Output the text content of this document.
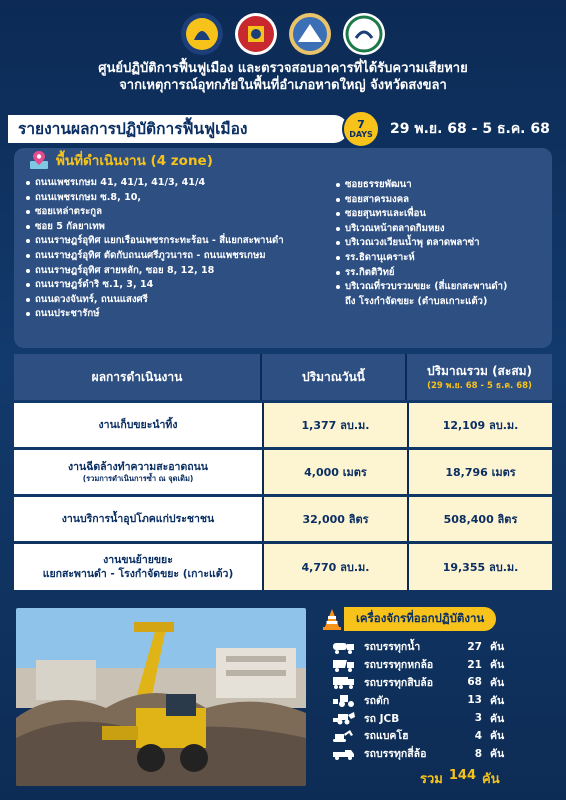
ศูนย์ปฏิบัติการฟื้นฟูเมือง และตรวจสอบอาคารที่ได้รับความเสียหาย
จากเหตุการณ์อุทกภัยในพื้นที่อำเภอหาดใหญ่ จังหวัดสงขลา
รายงานผลการปฏิบัติการฟื้นฟูเมือง	7
DAYS 29 พ.ย. 68 - 5 ธ.ค. 68
พื้นที่ดำเนินงาน (4 zone)
ถนนเพชรเกษม 41, 41/1, 41/3, 41/4
ถนนเพชรเกษม ซ.8, 10,
ซอยเหล่าตระกูล
ซอย 5 กัลยาเทพ
ถนนราษฎร์อุทิศ แยกเรือนเพชรกระทะร้อน - สี่แยกสะพานดำ
ถนนราษฎร์อุทิศ ตัดกับถนนศรีภูวนารถ - ถนนเพชรเกษม
ถนนราษฎร์อุทิศ สายหลัก, ซอย 8, 12, 18
ถนนราษฎร์ดำริ ซ.1, 3, 14
ถนนดวงจันทร์, ถนนแสงศรี
ถนนประชารักษ์
ซอยธรรยพัฒนา
ซอยสาครมงคล
ซอยสุนทรและเพื่อน
บริเวณหน้าตลาดกิมหยง
บริเวณวงเวียนน้ำพุ ตลาดพลาซ่า
รร.ธิดานุเคราะห์
รร.กิตติวิทย์
บริเวณที่รวบรวมขยะ (สี่แยกสะพานดำ)
ถึง โรงกำจัดขยะ (ตำบลเกาะแต้ว)
ผลการดำเนินงาน	ปริมาณวันนี้	ปริมาณรวม (สะสม)
(29 พ.ย. 68 - 5 ธ.ค. 68)
งานเก็บขยะนำทิ้ง	1,377 ลบ.ม.	12,109 ลบ.ม.
งานฉีดล้างทำความสะอาดถนน
(รวมการดำเนินการซ้ำ ณ จุดเดิม)	4,000 เมตร	18,796 เมตร
งานบริการน้ำอุปโภคแก่ประชาชน	32,000 ลิตร	508,400 ลิตร
งานขนย้ายขยะ
แยกสะพานดำ - โรงกำจัดขยะ (เกาะแต้ว)	4,770 ลบ.ม.	19,355 ลบ.ม.
เครื่องจักรที่ออกปฏิบัติงาน
รถบรรทุกน้ำ	27 คัน
รถบรรทุกหกล้อ	21 คัน
รถบรรทุกสิบล้อ	68 คัน
รถตัก	13 คัน
รถ JCB	3 คัน
รถแบคโฮ	4 คัน
รถบรรทุกสี่ล้อ	8 คัน
รวม 144 คัน
